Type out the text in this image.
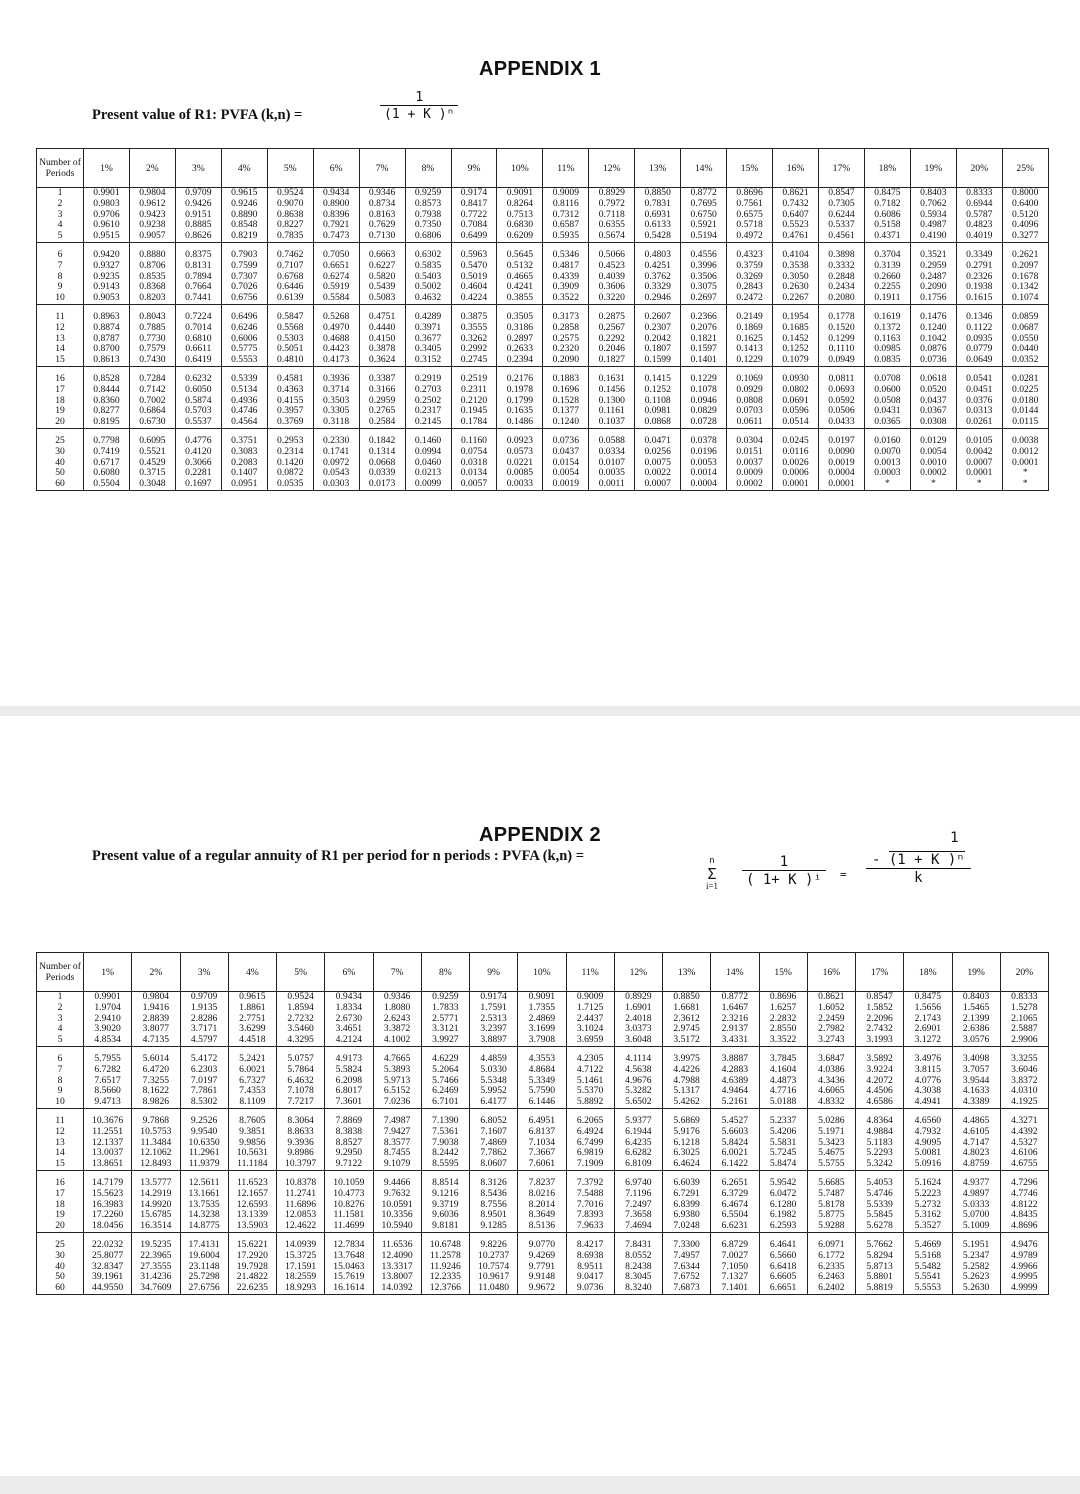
APPENDIX 1
Present value of R1: PVFA (k,n) =	$\frac{1}{\text{(1 + K )ⁿ}}$
Number of Periods	1%	2%	3%	4%	5%	6%	7%	8%	9%	10%	11%	12%	13%	14%	15%	16%	17%	18%	19%	20%	25%
1	0.9901	0.9804	0.9709	0.9615	0.9524	0.9434	0.9346	0.9259	0.9174	0.9091	0.9009	0.8929	0.8850	0.8772	0.8696	0.8621	0.8547	0.8475	0.8403	0.8333	0.8000
2	0.9803	0.9612	0.9426	0.9246	0.9070	0.8900	0.8734	0.8573	0.8417	0.8264	0.8116	0.7972	0.7831	0.7695	0.7561	0.7432	0.7305	0.7182	0.7062	0.6944	0.6400
3	0.9706	0.9423	0.9151	0.8890	0.8638	0.8396	0.8163	0.7938	0.7722	0.7513	0.7312	0.7118	0.6931	0.6750	0.6575	0.6407	0.6244	0.6086	0.5934	0.5787	0.5120
4	0.9610	0.9238	0.8885	0.8548	0.8227	0.7921	0.7629	0.7350	0.7084	0.6830	0.6587	0.6355	0.6133	0.5921	0.5718	0.5523	0.5337	0.5158	0.4987	0.4823	0.4096
5	0.9515	0.9057	0.8626	0.8219	0.7835	0.7473	0.7130	0.6806	0.6499	0.6209	0.5935	0.5674	0.5428	0.5194	0.4972	0.4761	0.4561	0.4371	0.4190	0.4019	0.3277
6	0.9420	0.8880	0.8375	0.7903	0.7462	0.7050	0.6663	0.6302	0.5963	0.5645	0.5346	0.5066	0.4803	0.4556	0.4323	0.4104	0.3898	0.3704	0.3521	0.3349	0.2621
7	0.9327	0.8706	0.8131	0.7599	0.7107	0.6651	0.6227	0.5835	0.5470	0.5132	0.4817	0.4523	0.4251	0.3996	0.3759	0.3538	0.3332	0.3139	0.2959	0.2791	0.2097
8	0.9235	0.8535	0.7894	0.7307	0.6768	0.6274	0.5820	0.5403	0.5019	0.4665	0.4339	0.4039	0.3762	0.3506	0.3269	0.3050	0.2848	0.2660	0.2487	0.2326	0.1678
9	0.9143	0.8368	0.7664	0.7026	0.6446	0.5919	0.5439	0.5002	0.4604	0.4241	0.3909	0.3606	0.3329	0.3075	0.2843	0.2630	0.2434	0.2255	0.2090	0.1938	0.1342
10	0.9053	0.8203	0.7441	0.6756	0.6139	0.5584	0.5083	0.4632	0.4224	0.3855	0.3522	0.3220	0.2946	0.2697	0.2472	0.2267	0.2080	0.1911	0.1756	0.1615	0.1074
11	0.8963	0.8043	0.7224	0.6496	0.5847	0.5268	0.4751	0.4289	0.3875	0.3505	0.3173	0.2875	0.2607	0.2366	0.2149	0.1954	0.1778	0.1619	0.1476	0.1346	0.0859
12	0.8874	0.7885	0.7014	0.6246	0.5568	0.4970	0.4440	0.3971	0.3555	0.3186	0.2858	0.2567	0.2307	0.2076	0.1869	0.1685	0.1520	0.1372	0.1240	0.1122	0.0687
13	0.8787	0.7730	0.6810	0.6006	0.5303	0.4688	0.4150	0.3677	0.3262	0.2897	0.2575	0.2292	0.2042	0.1821	0.1625	0.1452	0.1299	0.1163	0.1042	0.0935	0.0550
14	0.8700	0.7579	0.6611	0.5775	0.5051	0.4423	0.3878	0.3405	0.2992	0.2633	0.2320	0.2046	0.1807	0.1597	0.1413	0.1252	0.1110	0.0985	0.0876	0.0779	0.0440
15	0.8613	0.7430	0.6419	0.5553	0.4810	0.4173	0.3624	0.3152	0.2745	0.2394	0.2090	0.1827	0.1599	0.1401	0.1229	0.1079	0.0949	0.0835	0.0736	0.0649	0.0352
16	0.8528	0.7284	0.6232	0.5339	0.4581	0.3936	0.3387	0.2919	0.2519	0.2176	0.1883	0.1631	0.1415	0.1229	0.1069	0.0930	0.0811	0.0708	0.0618	0.0541	0.0281
17	0.8444	0.7142	0.6050	0.5134	0.4363	0.3714	0.3166	0.2703	0.2311	0.1978	0.1696	0.1456	0.1252	0.1078	0.0929	0.0802	0.0693	0.0600	0.0520	0.0451	0.0225
18	0.8360	0.7002	0.5874	0.4936	0.4155	0.3503	0.2959	0.2502	0.2120	0.1799	0.1528	0.1300	0.1108	0.0946	0.0808	0.0691	0.0592	0.0508	0.0437	0.0376	0.0180
19	0.8277	0.6864	0.5703	0.4746	0.3957	0.3305	0.2765	0.2317	0.1945	0.1635	0.1377	0.1161	0.0981	0.0829	0.0703	0.0596	0.0506	0.0431	0.0367	0.0313	0.0144
20	0.8195	0.6730	0.5537	0.4564	0.3769	0.3118	0.2584	0.2145	0.1784	0.1486	0.1240	0.1037	0.0868	0.0728	0.0611	0.0514	0.0433	0.0365	0.0308	0.0261	0.0115
25	0.7798	0.6095	0.4776	0.3751	0.2953	0.2330	0.1842	0.1460	0.1160	0.0923	0.0736	0.0588	0.0471	0.0378	0.0304	0.0245	0.0197	0.0160	0.0129	0.0105	0.0038
30	0.7419	0.5521	0.4120	0.3083	0.2314	0.1741	0.1314	0.0994	0.0754	0.0573	0.0437	0.0334	0.0256	0.0196	0.0151	0.0116	0.0090	0.0070	0.0054	0.0042	0.0012
40	0.6717	0.4529	0.3066	0.2083	0.1420	0.0972	0.0668	0.0460	0.0318	0.0221	0.0154	0.0107	0.0075	0.0053	0.0037	0.0026	0.0019	0.0013	0.0010	0.0007	0.0001
50	0.6080	0.3715	0.2281	0.1407	0.0872	0.0543	0.0339	0.0213	0.0134	0.0085	0.0054	0.0035	0.0022	0.0014	0.0009	0.0006	0.0004	0.0003	0.0002	0.0001	*
60	0.5504	0.3048	0.1697	0.0951	0.0535	0.0303	0.0173	0.0099	0.0057	0.0033	0.0019	0.0011	0.0007	0.0004	0.0002	0.0001	0.0001	*	*	*	*
APPENDIX 2
Present value of a regular annuity of R1 per period for n periods : PVFA (k,n) =	n
Σ
i=1	$\frac{1}{\text{( 1+ K )ⁱ}}$ =
1
- (1 + K )ⁿ
k
Number of Periods	1%	2%	3%	4%	5%	6%	7%	8%	9%	10%	11%	12%	13%	14%	15%	16%	17%	18%	19%	20%
1	0.9901	0.9804	0.9709	0.9615	0.9524	0.9434	0.9346	0.9259	0.9174	0.9091	0.9009	0.8929	0.8850	0.8772	0.8696	0.8621	0.8547	0.8475	0.8403	0.8333
2	1.9704	1.9416	1.9135	1.8861	1.8594	1.8334	1.8080	1.7833	1.7591	1.7355	1.7125	1.6901	1.6681	1.6467	1.6257	1.6052	1.5852	1.5656	1.5465	1.5278
3	2.9410	2.8839	2.8286	2.7751	2.7232	2.6730	2.6243	2.5771	2.5313	2.4869	2.4437	2.4018	2.3612	2.3216	2.2832	2.2459	2.2096	2.1743	2.1399	2.1065
4	3.9020	3.8077	3.7171	3.6299	3.5460	3.4651	3.3872	3.3121	3.2397	3.1699	3.1024	3.0373	2.9745	2.9137	2.8550	2.7982	2.7432	2.6901	2.6386	2.5887
5	4.8534	4.7135	4.5797	4.4518	4.3295	4.2124	4.1002	3.9927	3.8897	3.7908	3.6959	3.6048	3.5172	3.4331	3.3522	3.2743	3.1993	3.1272	3.0576	2.9906
6	5.7955	5.6014	5.4172	5.2421	5.0757	4.9173	4.7665	4.6229	4.4859	4.3553	4.2305	4.1114	3.9975	3.8887	3.7845	3.6847	3.5892	3.4976	3.4098	3.3255
7	6.7282	6.4720	6.2303	6.0021	5.7864	5.5824	5.3893	5.2064	5.0330	4.8684	4.7122	4.5638	4.4226	4.2883	4.1604	4.0386	3.9224	3.8115	3.7057	3.6046
8	7.6517	7.3255	7.0197	6.7327	6.4632	6.2098	5.9713	5.7466	5.5348	5.3349	5.1461	4.9676	4.7988	4.6389	4.4873	4.3436	4.2072	4.0776	3.9544	3.8372
9	8.5660	8.1622	7.7861	7.4353	7.1078	6.8017	6.5152	6.2469	5.9952	5.7590	5.5370	5.3282	5.1317	4.9464	4.7716	4.6065	4.4506	4.3038	4.1633	4.0310
10	9.4713	8.9826	8.5302	8.1109	7.7217	7.3601	7.0236	6.7101	6.4177	6.1446	5.8892	5.6502	5.4262	5.2161	5.0188	4.8332	4.6586	4.4941	4.3389	4.1925
11	10.3676	9.7868	9.2526	8.7605	8.3064	7.8869	7.4987	7.1390	6.8052	6.4951	6.2065	5.9377	5.6869	5.4527	5.2337	5.0286	4.8364	4.6560	4.4865	4.3271
12	11.2551	10.5753	9.9540	9.3851	8.8633	8.3838	7.9427	7.5361	7.1607	6.8137	6.4924	6.1944	5.9176	5.6603	5.4206	5.1971	4.9884	4.7932	4.6105	4.4392
13	12.1337	11.3484	10.6350	9.9856	9.3936	8.8527	8.3577	7.9038	7.4869	7.1034	6.7499	6.4235	6.1218	5.8424	5.5831	5.3423	5.1183	4.9095	4.7147	4.5327
14	13.0037	12.1062	11.2961	10.5631	9.8986	9.2950	8.7455	8.2442	7.7862	7.3667	6.9819	6.6282	6.3025	6.0021	5.7245	5.4675	5.2293	5.0081	4.8023	4.6106
15	13.8651	12.8493	11.9379	11.1184	10.3797	9.7122	9.1079	8.5595	8.0607	7.6061	7.1909	6.8109	6.4624	6.1422	5.8474	5.5755	5.3242	5.0916	4.8759	4.6755
16	14.7179	13.5777	12.5611	11.6523	10.8378	10.1059	9.4466	8.8514	8.3126	7.8237	7.3792	6.9740	6.6039	6.2651	5.9542	5.6685	5.4053	5.1624	4.9377	4.7296
17	15.5623	14.2919	13.1661	12.1657	11.2741	10.4773	9.7632	9.1216	8.5436	8.0216	7.5488	7.1196	6.7291	6.3729	6.0472	5.7487	5.4746	5.2223	4.9897	4.7746
18	16.3983	14.9920	13.7535	12.6593	11.6896	10.8276	10.0591	9.3719	8.7556	8.2014	7.7016	7.2497	6.8399	6.4674	6.1280	5.8178	5.5339	5.2732	5.0333	4.8122
19	17.2260	15.6785	14.3238	13.1339	12.0853	11.1581	10.3356	9.6036	8.9501	8.3649	7.8393	7.3658	6.9380	6.5504	6.1982	5.8775	5.5845	5.3162	5.0700	4.8435
20	18.0456	16.3514	14.8775	13.5903	12.4622	11.4699	10.5940	9.8181	9.1285	8.5136	7.9633	7.4694	7.0248	6.6231	6.2593	5.9288	5.6278	5.3527	5.1009	4.8696
25	22.0232	19.5235	17.4131	15.6221	14.0939	12.7834	11.6536	10.6748	9.8226	9.0770	8.4217	7.8431	7.3300	6.8729	6.4641	6.0971	5.7662	5.4669	5.1951	4.9476
30	25.8077	22.3965	19.6004	17.2920	15.3725	13.7648	12.4090	11.2578	10.2737	9.4269	8.6938	8.0552	7.4957	7.0027	6.5660	6.1772	5.8294	5.5168	5.2347	4.9789
40	32.8347	27.3555	23.1148	19.7928	17.1591	15.0463	13.3317	11.9246	10.7574	9.7791	8.9511	8.2438	7.6344	7.1050	6.6418	6.2335	5.8713	5.5482	5.2582	4.9966
50	39.1961	31.4236	25.7298	21.4822	18.2559	15.7619	13.8007	12.2335	10.9617	9.9148	9.0417	8.3045	7.6752	7.1327	6.6605	6.2463	5.8801	5.5541	5.2623	4.9995
60	44.9550	34.7609	27.6756	22.6235	18.9293	16.1614	14.0392	12.3766	11.0480	9.9672	9.0736	8.3240	7.6873	7.1401	6.6651	6.2402	5.8819	5.5553	5.2630	4.9999
